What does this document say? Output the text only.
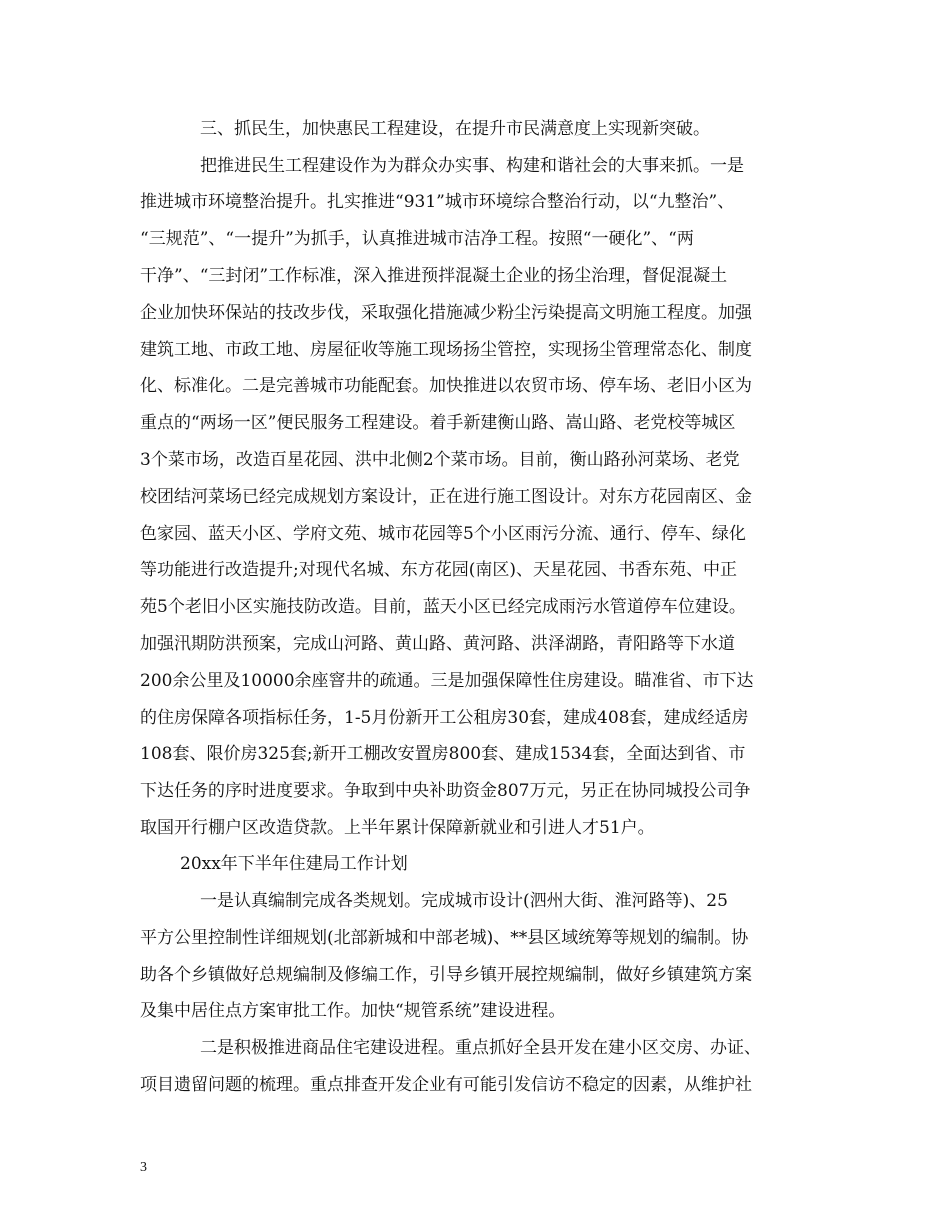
三、抓民生，加快惠民工程建设，在提升市民满意度上实现新突破。
把推进民生工程建设作为为群众办实事、构建和谐社会的大事来抓。一是
推进城市环境整治提升。扎实推进“931”城市环境综合整治行动，以“九整治”、
“三规范”、“一提升”为抓手，认真推进城市洁净工程。按照“一硬化”、“两
干净”、“三封闭”工作标准，深入推进预拌混凝土企业的扬尘治理，督促混凝土
企业加快环保站的技改步伐，采取强化措施减少粉尘污染提高文明施工程度。加强
建筑工地、市政工地、房屋征收等施工现场扬尘管控，实现扬尘管理常态化、制度
化、标准化。二是完善城市功能配套。加快推进以农贸市场、停车场、老旧小区为
重点的“两场一区”便民服务工程建设。着手新建衡山路、嵩山路、老党校等城区
3个菜市场，改造百星花园、洪中北侧2个菜市场。目前，衡山路孙河菜场、老党
校团结河菜场已经完成规划方案设计，正在进行施工图设计。对东方花园南区、金
色家园、蓝天小区、学府文苑、城市花园等5个小区雨污分流、通行、停车、绿化
等功能进行改造提升;对现代名城、东方花园(南区)、天星花园、书香东苑、中正
苑5个老旧小区实施技防改造。目前，蓝天小区已经完成雨污水管道停车位建设。
加强汛期防洪预案，完成山河路、黄山路、黄河路、洪泽湖路，青阳路等下水道
200余公里及10000余座窨井的疏通。三是加强保障性住房建设。瞄准省、市下达
的住房保障各项指标任务，1-5月份新开工公租房30套，建成408套，建成经适房
108套、限价房325套;新开工棚改安置房800套、建成1534套，全面达到省、市
下达任务的序时进度要求。争取到中央补助资金807万元，另正在协同城投公司争
取国开行棚户区改造贷款。上半年累计保障新就业和引进人才51户。
20xx年下半年住建局工作计划
一是认真编制完成各类规划。完成城市设计(泗州大街、淮河路等)、25
平方公里控制性详细规划(北部新城和中部老城)、**县区域统筹等规划的编制。协
助各个乡镇做好总规编制及修编工作，引导乡镇开展控规编制，做好乡镇建筑方案
及集中居住点方案审批工作。加快“规管系统”建设进程。
二是积极推进商品住宅建设进程。重点抓好全县开发在建小区交房、办证、
项目遗留问题的梳理。重点排查开发企业有可能引发信访不稳定的因素，从维护社
3
